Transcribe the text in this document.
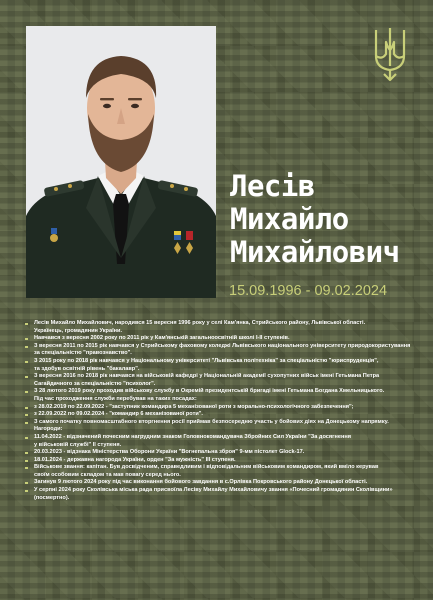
Лесів
Михайло
Михайлович
15.09.1996 - 09.02.2024
Лесів Михайло Михайлович, народився 15 вересня 1996 року у селі Кам'янка, Стрийського району, Львівської області.
Українець, громадянин України.
Навчався з вересня 2002 року по 2011 рік у Кам'янській загальноосвітній школі І-ІІ ступенів.
З вересня 2011 по 2015 рік навчався у Стрийському фаховому коледжі Львівського національного університету природокористування
за спеціальністю "правознавство".
З 2015 року по 2018 рік навчався у Національному університеті "Львівська політехніка" за спеціальністю "юриспруденція",
та здобув освітній рівень "бакалавр".
З вересня 2016 по 2018 рік навчався на військовій кафедрі у Національній академії сухопутних військ імені Гетьмана Петра
Сагайдачного за спеціальністю "психолог".
З 28 лютого 2019 року проходив військову службу в Окремій президентській бригаді імені Гетьмана Богдана Хмельницького.
Під час проходження служби перебував на таких посадах:
з 28.02.2019 по 22.09.2022 - "заступник командира 5 механізованої роти з морально-психологічного забезпечення";
з 22.09.2022 по 09.02.2024 - "командир 6 механізованої роти".
З самого початку повномасштабного вторгнення росії приймав безпосередню участь у бойових діях на Донецькому напрямку.
Нагороди:
11.04.2022 - відзначений почесним нагрудним знаком Головнокомандувача Збройних Сил України "За досягнення
у військовій службі" ІІ ступеня.
20.03.2023 - відзнака Міністерства Оборони України "Вогнепальна зброя" 9-мм пістолет Glock-17.
18.01.2024 - державна нагорода України, орден "За мужність" ІІІ ступеня.
Військове звання: капітан. Був досвідченим, справедливим і відповідальним військовим командиром, який вміло керував
своїм особовим складом та мав повагу серед нього.
Загинув 9 лютого 2024 року під час виконання бойового завдання в с.Орлівка Покровського району Донецької області.
У серпні 2024 року Сколівська міська рада присвоїла Лесіву Михайлу Михайловичу звання «Почесний громадянин Сколівщини»
(посмертно).
